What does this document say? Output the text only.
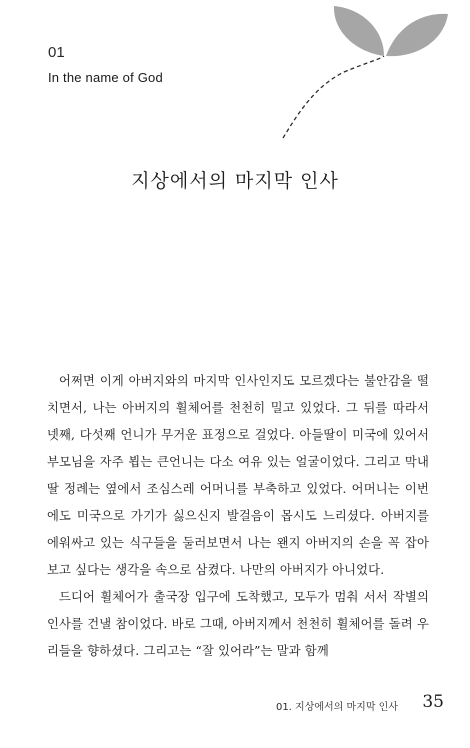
01
In the name of God
지상에서의 마지막 인사

어쩌면 이게 아버지와의 마지막 인사인지도 모르겠다는 불안감을 떨치면서, 나는 아버지의 휠체어를 천천히 밀고 있었다. 그 뒤를 따라서 넷째, 다섯째 언니가 무거운 표정으로 걸었다. 아들딸이 미국에 있어서 부모님을 자주 뵙는 큰언니는 다소 여유 있는 얼굴이었다. 그리고 막내딸 정례는 옆에서 조심스레 어머니를 부축하고 있었다. 어머니는 이번에도 미국으로 가기가 싫으신지 발걸음이 몹시도 느리셨다. 아버지를 에워싸고 있는 식구들을 둘러보면서 나는 왠지 아버지의 손을 꼭 잡아 보고 싶다는 생각을 속으로 삼켰다. 나만의 아버지가 아니었다.

드디어 휠체어가 출국장 입구에 도착했고, 모두가 멈춰 서서 작별의 인사를 건낼 참이었다. 바로 그때, 아버지께서 천천히 휠체어를 돌려 우리들을 향하셨다. 그리고는 “잘 있어라”는 말과 함께

01. 지상에서의 마지막 인사 35
